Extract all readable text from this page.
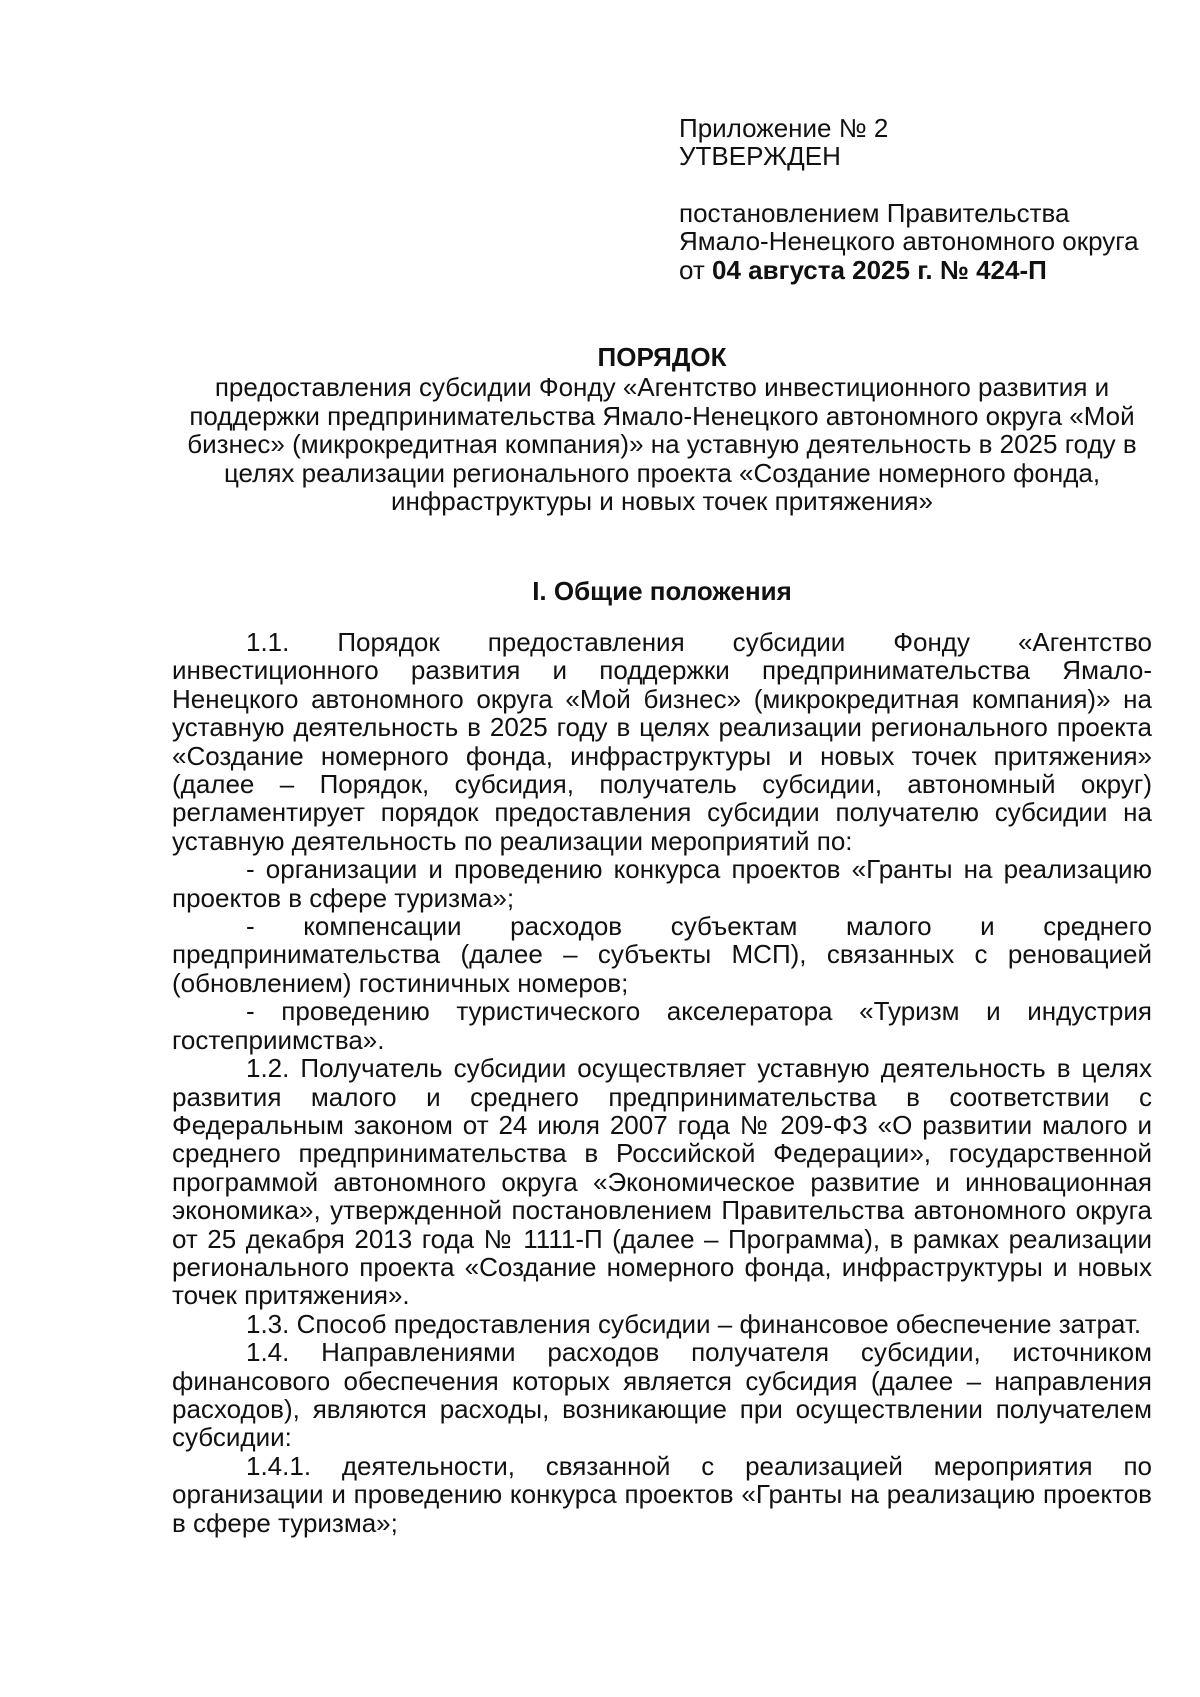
Приложение № 2
УТВЕРЖДЕН
постановлением Правительства
Ямало-Ненецкого автономного округа
от 04 августа 2025 г. № 424-П
ПОРЯДОК
предоставления субсидии Фонду «Агентство инвестиционного развития и поддержки предпринимательства Ямало-Ненецкого автономного округа «Мой бизнес» (микрокредитная компания)» на уставную деятельность в 2025 году в целях реализации регионального проекта «Создание номерного фонда, инфраструктуры и новых точек притяжения»
I. Общие положения

1.1. Порядок предоставления субсидии Фонду «Агентство инвестиционного развития и поддержки предпринимательства Ямало-Ненецкого автономного округа «Мой бизнес» (микрокредитная компания)» на уставную деятельность в 2025 году в целях реализации регионального проекта «Создание номерного фонда, инфраструктуры и новых точек притяжения» (далее – Порядок, субсидия, получатель субсидии, автономный округ) регламентирует порядок предоставления субсидии получателю субсидии на уставную деятельность по реализации мероприятий по:

- организации и проведению конкурса проектов «Гранты на реализацию проектов в сфере туризма»;

- компенсации расходов субъектам малого и среднего предпринимательства (далее – субъекты МСП), связанных с реновацией (обновлением) гостиничных номеров;

- проведению туристического акселератора «Туризм и индустрия гостеприимства».

1.2. Получатель субсидии осуществляет уставную деятельность в целях развития малого и среднего предпринимательства в соответствии с Федеральным законом от 24 июля 2007 года № 209-ФЗ «О развитии малого и среднего предпринимательства в Российской Федерации», государственной программой автономного округа «Экономическое развитие и инновационная экономика», утвержденной постановлением Правительства автономного округа от 25 декабря 2013 года № 1111-П (далее – Программа), в рамках реализации регионального проекта «Создание номерного фонда, инфраструктуры и новых точек притяжения».

1.3. Способ предоставления субсидии – финансовое обеспечение затрат.

1.4. Направлениями расходов получателя субсидии, источником финансового обеспечения которых является субсидия (далее – направления расходов), являются расходы, возникающие при осуществлении получателем субсидии:

1.4.1. деятельности, связанной с реализацией мероприятия по организации и проведению конкурса проектов «Гранты на реализацию проектов в сфере туризма»;
